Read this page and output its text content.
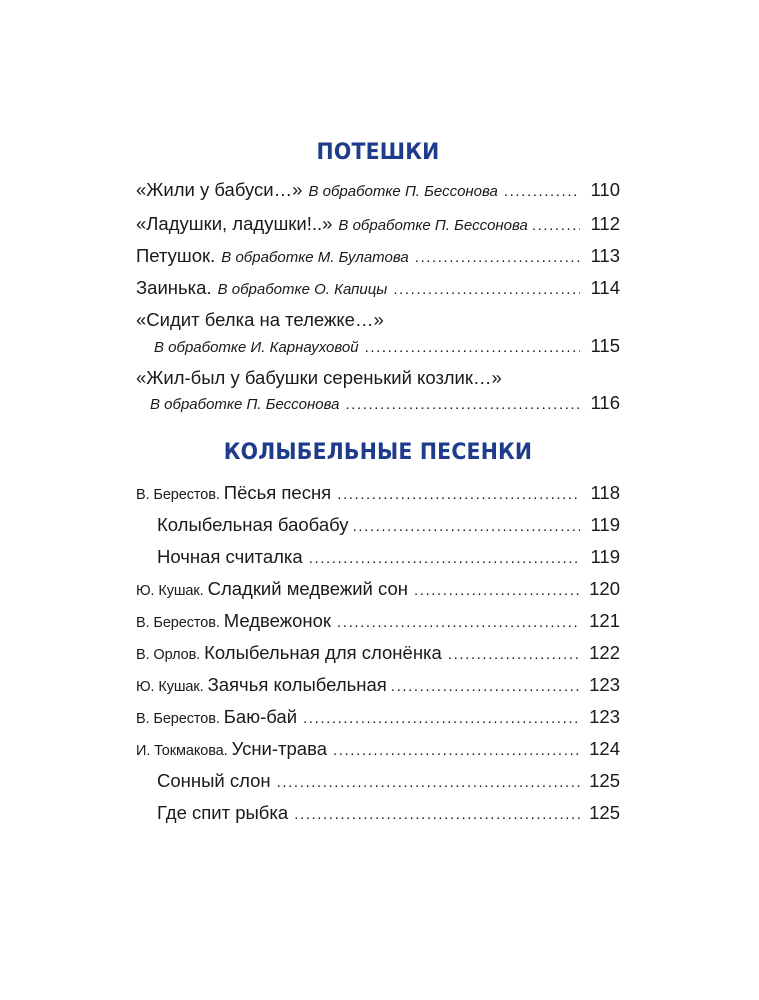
ПОТЕШКИ
«Жили у бабуси…» В обработке П. Бессонова .....	110
«Ладушки, ладушки!..» В обработке П. Бессонова .....	112
Петушок. В обработке М. Булатова .....	113
Заинька. В обработке О. Капицы .....	114
«Сидит белка на тележке…»
В обработке И. Карнауховой .....	115
«Жил-был у бабушки серенький козлик…»
В обработке П. Бессонова .....	116
КОЛЫБЕЛЬНЫЕ ПЕСЕНКИ
В. Берестов. Пёсья песня .....	118
Колыбельная баобабу .....	119
Ночная считалка .....	119
Ю. Кушак. Сладкий медвежий сон .....	120
В. Берестов. Медвежонок .....	121
В. Орлов. Колыбельная для слонёнка .....	122
Ю. Кушак. Заячья колыбельная .....	123
В. Берестов. Баю-бай .....	123
И. Токмакова. Усни-трава .....	124
Сонный слон .....	125
Где спит рыбка .....	125
